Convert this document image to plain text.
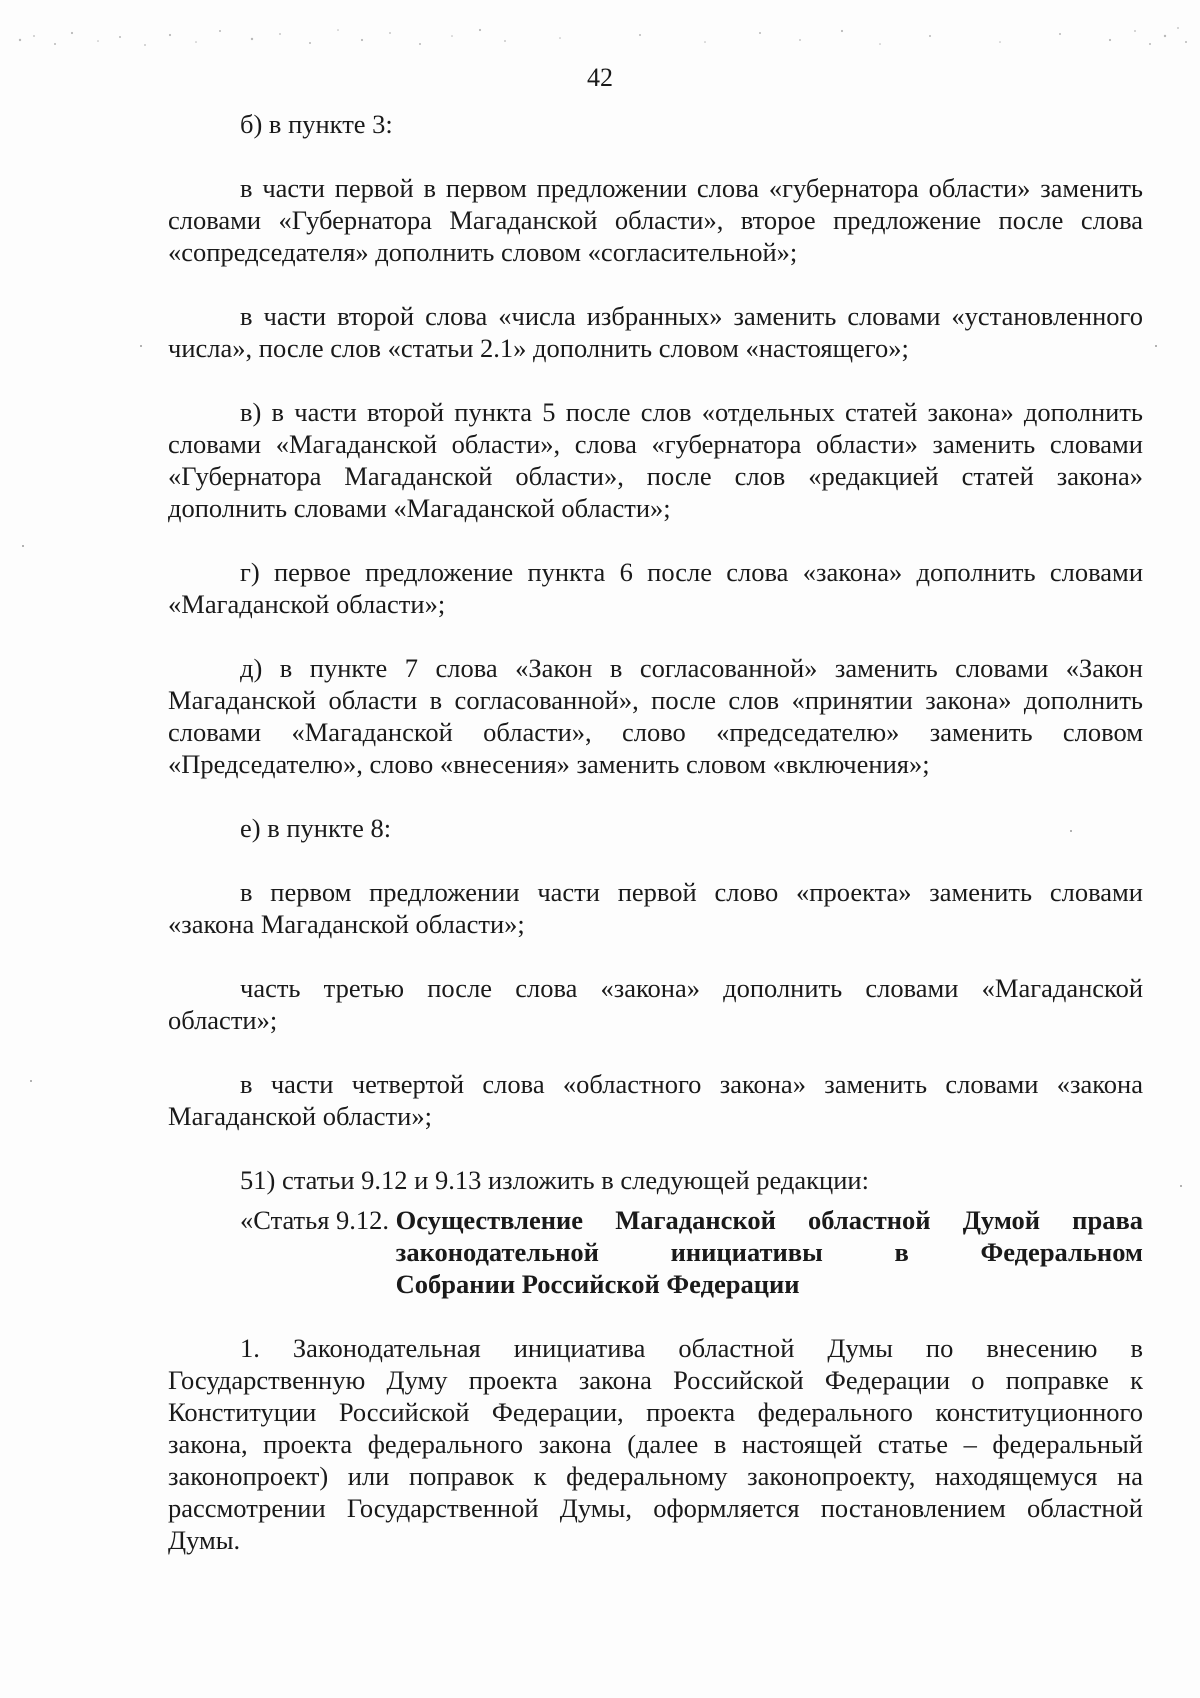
42

б) в пункте 3:

в части первой в первом предложении слова «губернатора области» заменить словами «Губернатора Магаданской области», второе предложение после слова «сопредседателя» дополнить словом «согласительной»;

в части второй слова «числа избранных» заменить словами «установленного числа», после слов «статьи 2.1» дополнить словом «настоящего»;

в) в части второй пункта 5 после слов «отдельных статей закона» дополнить словами «Магаданской области», слова «губернатора области» заменить словами «Губернатора Магаданской области», после слов «редакцией статей закона» дополнить словами «Магаданской области»;

г) первое предложение пункта 6 после слова «закона» дополнить словами «Магаданской области»;

д) в пункте 7 слова «Закон в согласованной» заменить словами «Закон Магаданской области в согласованной», после слов «принятии закона» дополнить словами «Магаданской области», слово «председателю» заменить словом «Председателю», слово «внесения» заменить словом «включения»;

е) в пункте 8:

в первом предложении части первой слово «проекта» заменить словами «закона Магаданской области»;

часть третью после слова «закона» дополнить словами «Магаданской области»;

в части четвертой слова «областного закона» заменить словами «закона Магаданской области»;

51) статьи 9.12 и 9.13 изложить в следующей редакции:

«Статья 9.12. Осуществление Магаданской областной Думой права
законодательной инициативы в Федеральном
Собрании Российской Федерации

1. Законодательная инициатива областной Думы по внесению в Государственную Думу проекта закона Российской Федерации о поправке к Конституции Российской Федерации, проекта федерального конституционного закона, проекта федерального закона (далее в настоящей статье – федеральный законопроект) или поправок к федеральному законопроекту, находящемуся на рассмотрении Государственной Думы, оформляется постановлением областной Думы.
